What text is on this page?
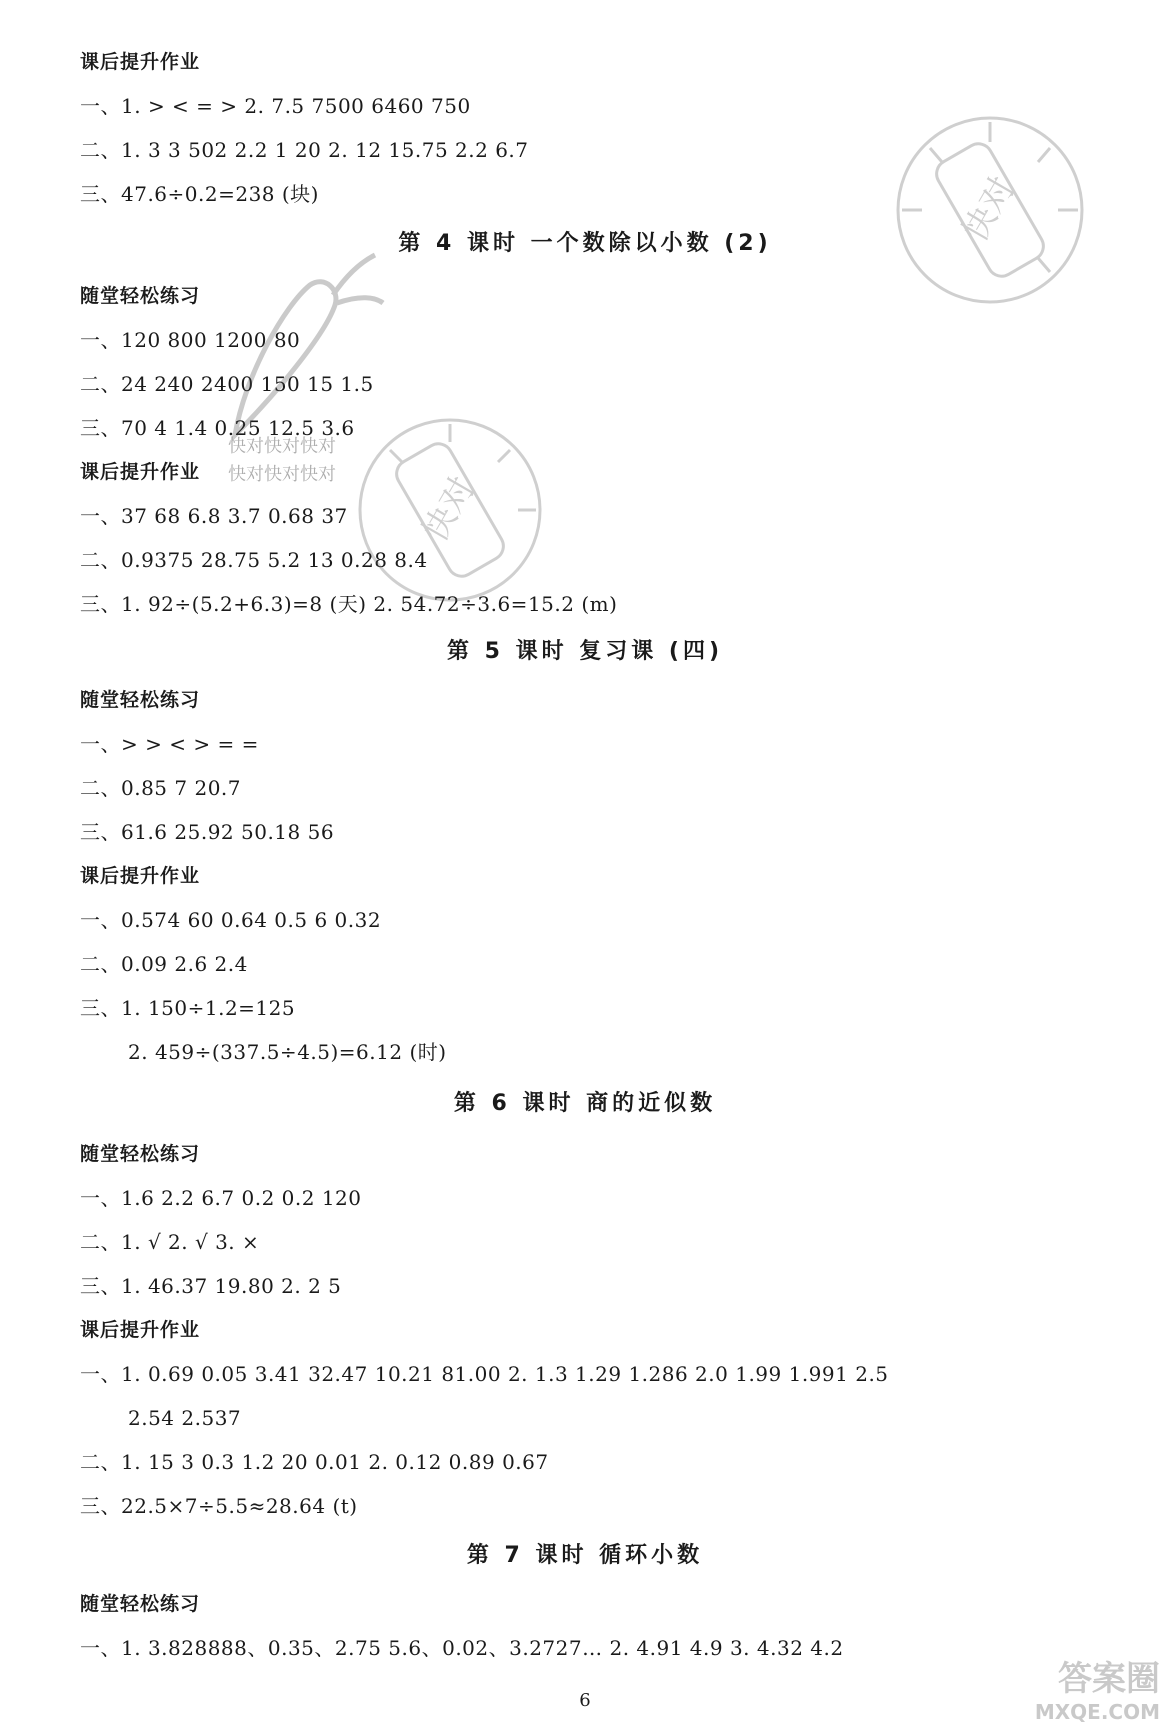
课后提升作业
一、1. > < = > 2. 7.5 7500 6460 750
二、1. 3 3 502 2.2 1 20 2. 12 15.75 2.2 6.7
三、47.6÷0.2=238 (块)
第 4 课时 一个数除以小数 (2)
随堂轻松练习
一、120 800 1200 80
二、24 240 2400 150 15 1.5
三、70 4 1.4 0.25 12.5 3.6
课后提升作业
一、37 68 6.8 3.7 0.68 37
二、0.9375 28.75 5.2 13 0.28 8.4
三、1. 92÷(5.2+6.3)=8 (天) 2. 54.72÷3.6=15.2 (m)
第 5 课时 复习课 (四)
随堂轻松练习
一、> > < > = =
二、0.85 7 20.7
三、61.6 25.92 50.18 56
课后提升作业
一、0.574 60 0.64 0.5 6 0.32
二、0.09 2.6 2.4
三、1. 150÷1.2=125
2. 459÷(337.5÷4.5)=6.12 (时)
第 6 课时 商的近似数
随堂轻松练习
一、1.6 2.2 6.7 0.2 0.2 120
二、1. √ 2. √ 3. ×
三、1. 46.37 19.80 2. 2 5
课后提升作业
一、1. 0.69 0.05 3.41 32.47 10.21 81.00 2. 1.3 1.29 1.286 2.0 1.99 1.991 2.5
2.54 2.537
二、1. 15 3 0.3 1.2 20 0.01 2. 0.12 0.89 0.67
三、22.5×7÷5.5≈28.64 (t)
第 7 课时 循环小数
随堂轻松练习
一、1. 3.828888、0.35、2.75 5.6、0.02、3.2727… 2. 4.91 4.9 3. 4.32 4.2
快对
快对
快对快对快对
快对快对快对
6
答案圈
MXQE.COM
